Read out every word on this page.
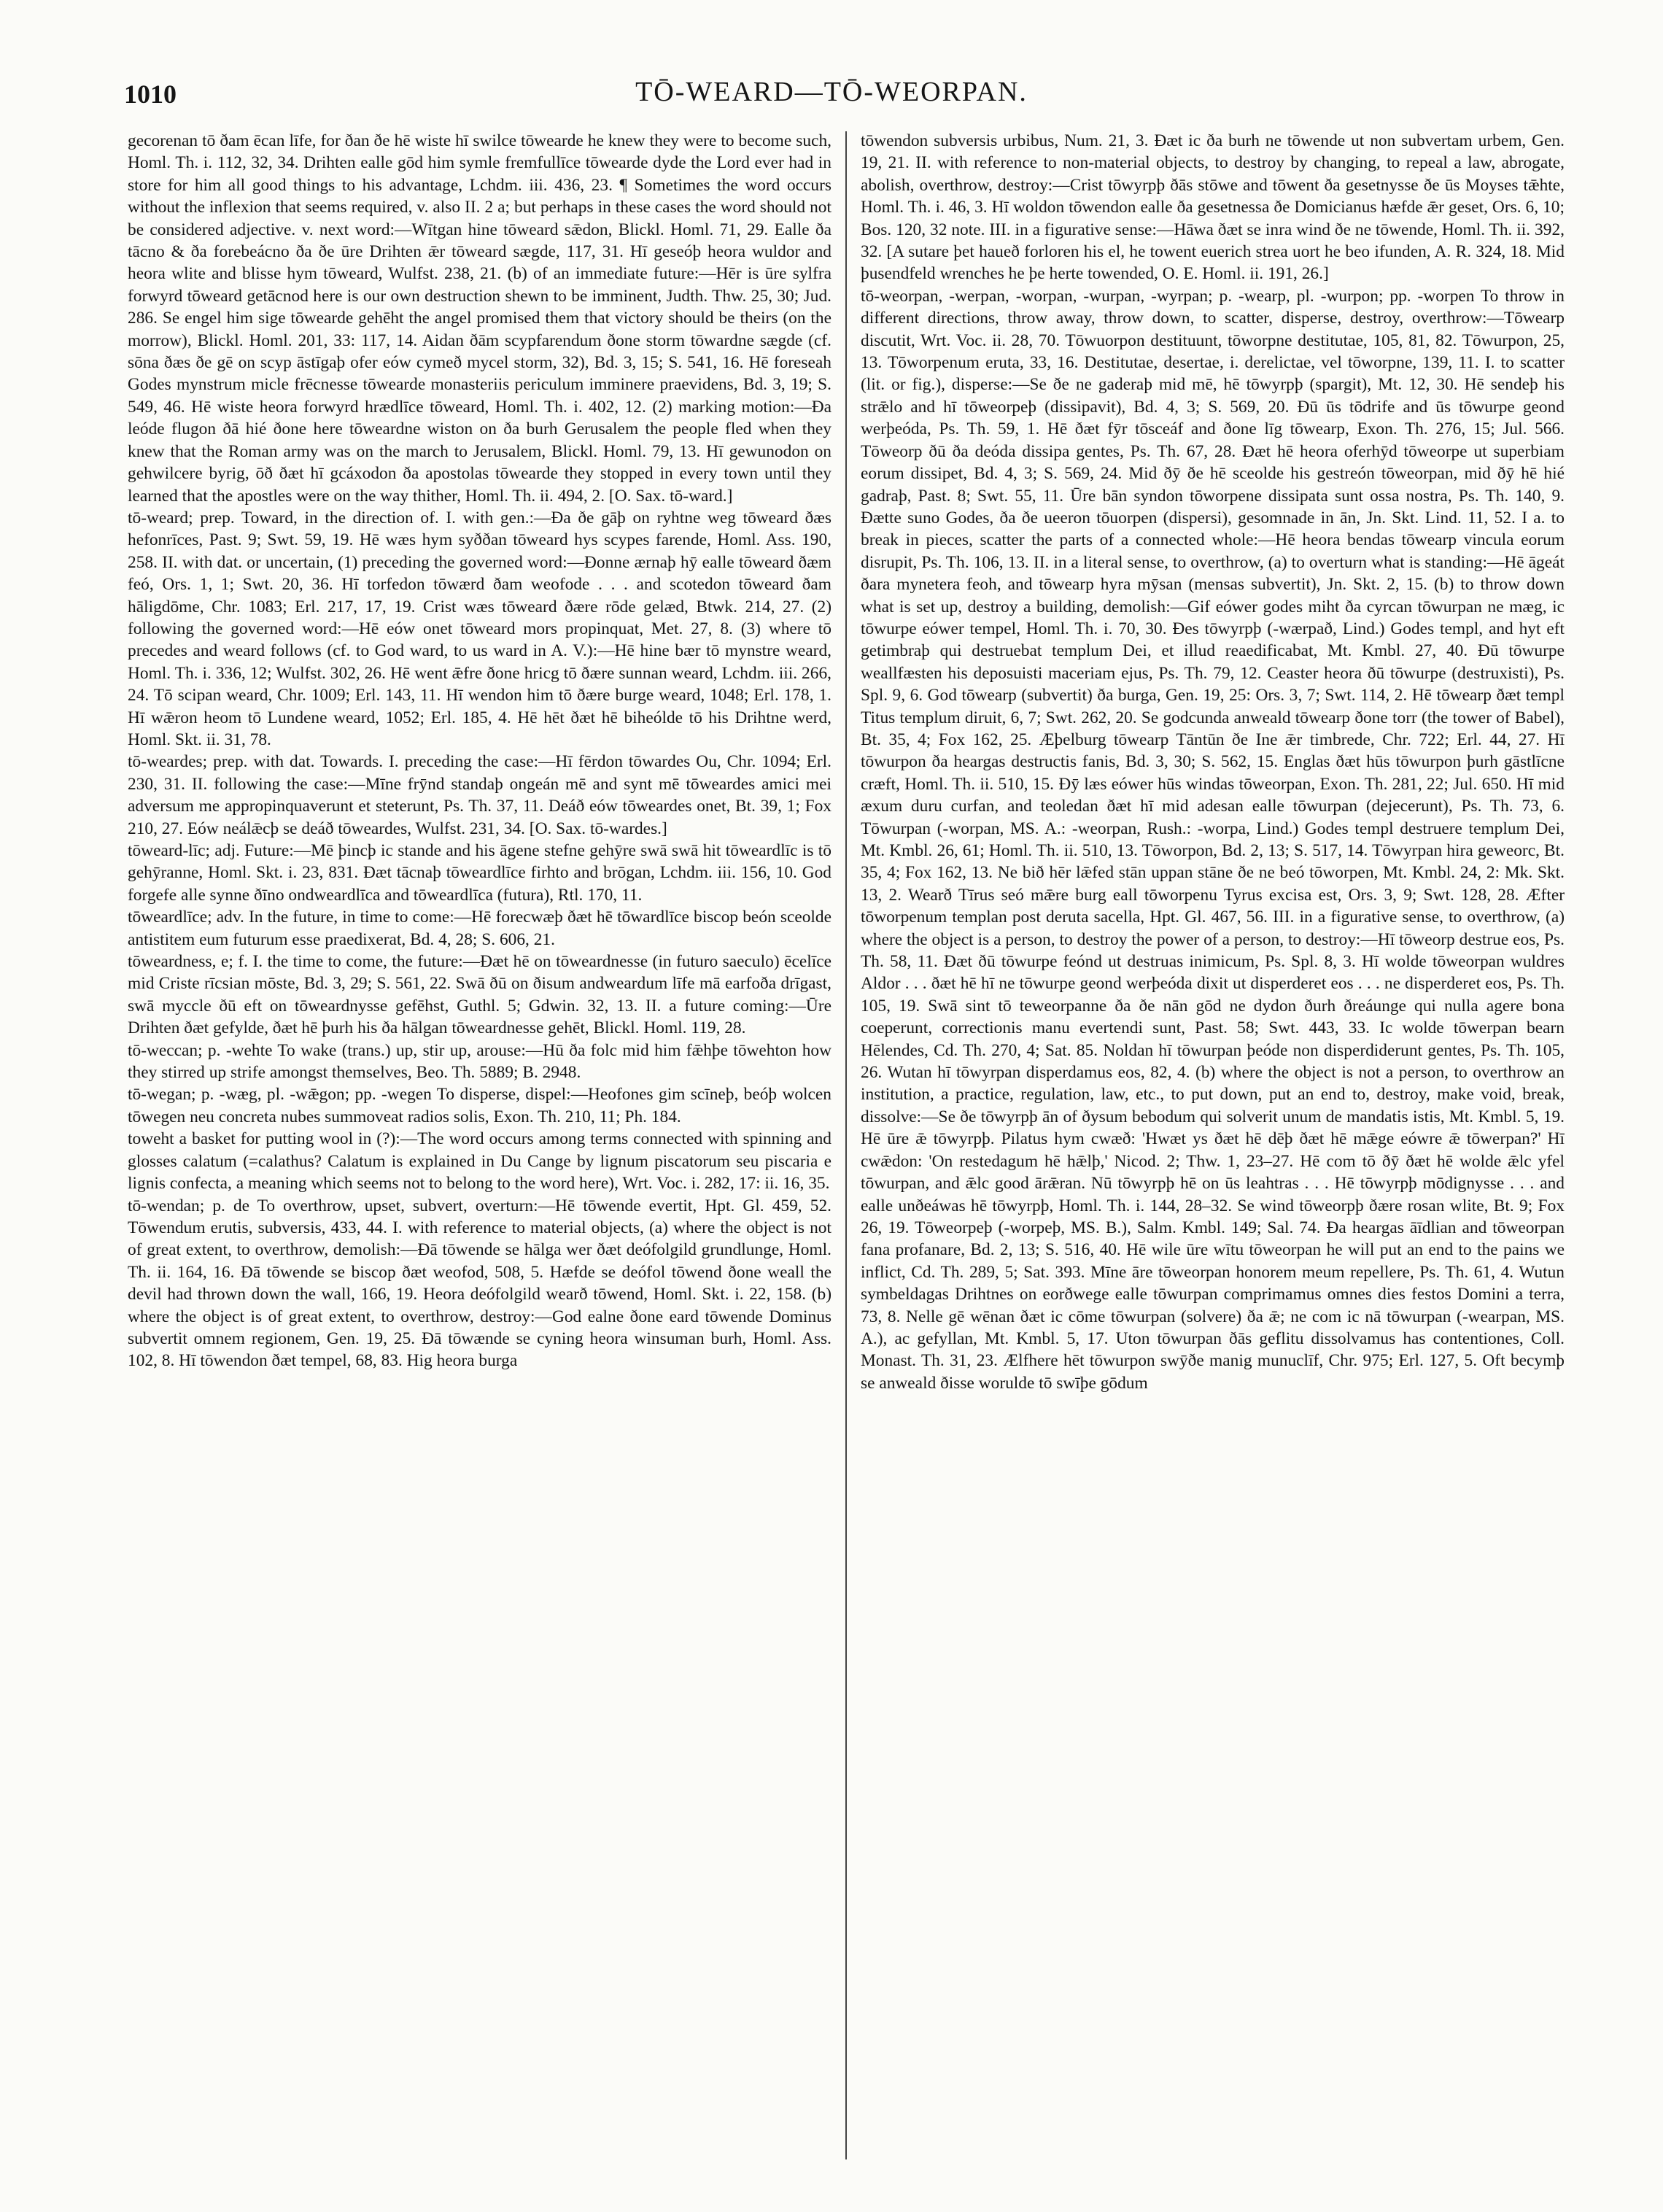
1010	TŌ-WEARD—TŌ-WEORPAN.

gecorenan tō ðam ēcan līfe, for ðan ðe hē wiste hī swilce tōwearde he knew they were to become such, Homl. Th. i. 112, 32, 34. Drihten ealle gōd him symle fremfullīce tōwearde dyde the Lord ever had in store for him all good things to his advantage, Lchdm. iii. 436, 23. ¶ Sometimes the word occurs without the inflexion that seems required, v. also II. 2 a; but perhaps in these cases the word should not be considered adjective. v. next word:—Wītgan hine tōweard sǣdon, Blickl. Homl. 71, 29. Ealle ða tācno & ða forebeácno ða ðe ūre Drihten ǣr tōweard sægde, 117, 31. Hī geseóþ heora wuldor and heora wlite and blisse hym tōweard, Wulfst. 238, 21. (b) of an immediate future:—Hēr is ūre sylfra forwyrd tōweard getācnod here is our own destruction shewn to be imminent, Judth. Thw. 25, 30; Jud. 286. Se engel him sige tōwearde gehēht the angel promised them that victory should be theirs (on the morrow), Blickl. Homl. 201, 33: 117, 14. Aidan ðām scypfarendum ðone storm tōwardne sægde (cf. sōna ðæs ðe gē on scyp āstīgaþ ofer eów cymeð mycel storm, 32), Bd. 3, 15; S. 541, 16. Hē foreseah Godes mynstrum micle frēcnesse tōwearde monasteriis periculum imminere praevidens, Bd. 3, 19; S. 549, 46. Hē wiste heora forwyrd hrædlīce tōweard, Homl. Th. i. 402, 12. (2) marking motion:—Ða leóde flugon ðā hié ðone here tōweardne wiston on ða burh Gerusalem the people fled when they knew that the Roman army was on the march to Jerusalem, Blickl. Homl. 79, 13. Hī gewunodon on gehwilcere byrig, ōð ðæt hī gcáxodon ða apostolas tōwearde they stopped in every town until they learned that the apostles were on the way thither, Homl. Th. ii. 494, 2. [O. Sax. tō-ward.]

tō-weard; prep. Toward, in the direction of. I. with gen.:—Ða ðe gāþ on ryhtne weg tōweard ðæs hefonrīces, Past. 9; Swt. 59, 19. Hē wæs hym syððan tōweard hys scypes farende, Homl. Ass. 190, 258. II. with dat. or uncertain, (1) preceding the governed word:—Ðonne ærnaþ hȳ ealle tōweard ðæm feó, Ors. 1, 1; Swt. 20, 36. Hī torfedon tōwærd ðam weofode . . . and scotedon tōweard ðam hāligdōme, Chr. 1083; Erl. 217, 17, 19. Crist wæs tōweard ðære rōde gelæd, Btwk. 214, 27. (2) following the governed word:—Hē eów onet tōweard mors propinquat, Met. 27, 8. (3) where tō precedes and weard follows (cf. to God ward, to us ward in A. V.):—Hē hine bær tō mynstre weard, Homl. Th. i. 336, 12; Wulfst. 302, 26. Hē went ǣfre ðone hricg tō ðære sunnan weard, Lchdm. iii. 266, 24. Tō scipan weard, Chr. 1009; Erl. 143, 11. Hī wendon him tō ðære burge weard, 1048; Erl. 178, 1. Hī wǣron heom tō Lundene weard, 1052; Erl. 185, 4. Hē hēt ðæt hē biheólde tō his Drihtne werd, Homl. Skt. ii. 31, 78.

tō-weardes; prep. with dat. Towards. I. preceding the case:—Hī fērdon tōwardes Ou, Chr. 1094; Erl. 230, 31. II. following the case:—Mīne frȳnd standaþ ongeán mē and synt mē tōweardes amici mei adversum me appropinquaverunt et steterunt, Ps. Th. 37, 11. Deáð eów tōweardes onet, Bt. 39, 1; Fox 210, 27. Eów neálǣcþ se deáð tōweardes, Wulfst. 231, 34. [O. Sax. tō-wardes.]

tōweard-līc; adj. Future:—Mē þincþ ic stande and his āgene stefne gehȳre swā swā hit tōweardlīc is tō gehȳranne, Homl. Skt. i. 23, 831. Ðæt tācnaþ tōweardlīce firhto and brōgan, Lchdm. iii. 156, 10. God forgefe alle synne ðīno ondweardlīca and tōweardlīca (futura), Rtl. 170, 11.

tōweardlīce; adv. In the future, in time to come:—Hē forecwæþ ðæt hē tōwardlīce biscop beón sceolde antistitem eum futurum esse praedixerat, Bd. 4, 28; S. 606, 21.

tōweardness, e; f. I. the time to come, the future:—Ðæt hē on tōweardnesse (in futuro saeculo) ēcelīce mid Criste rīcsian mōste, Bd. 3, 29; S. 561, 22. Swā ðū on ðisum andweardum līfe mā earfoða drīgast, swā myccle ðū eft on tōweardnysse gefēhst, Guthl. 5; Gdwin. 32, 13. II. a future coming:—Ūre Drihten ðæt gefylde, ðæt hē þurh his ða hālgan tōweardnesse gehēt, Blickl. Homl. 119, 28.

tō-weccan; p. -wehte To wake (trans.) up, stir up, arouse:—Hū ða folc mid him fǣhþe tōwehton how they stirred up strife amongst themselves, Beo. Th. 5889; B. 2948.

tō-wegan; p. -wæg, pl. -wǣgon; pp. -wegen To disperse, dispel:—Heofones gim scīneþ, beóþ wolcen tōwegen neu concreta nubes summoveat radios solis, Exon. Th. 210, 11; Ph. 184.

toweht a basket for putting wool in (?):—The word occurs among terms connected with spinning and glosses calatum (=calathus? Calatum is explained in Du Cange by lignum piscatorum seu piscaria e lignis confecta, a meaning which seems not to belong to the word here), Wrt. Voc. i. 282, 17: ii. 16, 35.

tō-wendan; p. de To overthrow, upset, subvert, overturn:—Hē tōwende evertit, Hpt. Gl. 459, 52. Tōwendum erutis, subversis, 433, 44. I. with reference to material objects, (a) where the object is not of great extent, to overthrow, demolish:—Ðā tōwende se hālga wer ðæt deófolgild grundlunge, Homl. Th. ii. 164, 16. Ðā tōwende se biscop ðæt weofod, 508, 5. Hæfde se deófol tōwend ðone weall the devil had thrown down the wall, 166, 19. Heora deófolgild wearð tōwend, Homl. Skt. i. 22, 158. (b) where the object is of great extent, to overthrow, destroy:—God ealne ðone eard tōwende Dominus subvertit omnem regionem, Gen. 19, 25. Ðā tōwænde se cyning heora winsuman burh, Homl. Ass. 102, 8. Hī tōwendon ðæt tempel, 68, 83. Hig heora burga

tōwendon subversis urbibus, Num. 21, 3. Ðæt ic ða burh ne tōwende ut non subvertam urbem, Gen. 19, 21. II. with reference to non-material objects, to destroy by changing, to repeal a law, abrogate, abolish, overthrow, destroy:—Crist tōwyrpþ ðās stōwe and tōwent ða gesetnysse ðe ūs Moyses tǣhte, Homl. Th. i. 46, 3. Hī woldon tōwendon ealle ða gesetnessa ðe Domicianus hæfde ǣr geset, Ors. 6, 10; Bos. 120, 32 note. III. in a figurative sense:—Hāwa ðæt se inra wind ðe ne tōwende, Homl. Th. ii. 392, 32. [A sutare þet haueð forloren his el, he towent euerich strea uort he beo ifunden, A. R. 324, 18. Mid þusendfeld wrenches he þe herte towended, O. E. Homl. ii. 191, 26.]

tō-weorpan, -werpan, -worpan, -wurpan, -wyrpan; p. -wearp, pl. -wurpon; pp. -worpen To throw in different directions, throw away, throw down, to scatter, disperse, destroy, overthrow:—Tōwearp discutit, Wrt. Voc. ii. 28, 70. Tōwuorpon destituunt, tōworpne destitutae, 105, 81, 82. Tōwurpon, 25, 13. Tōworpenum eruta, 33, 16. Destitutae, desertae, i. derelictae, vel tōworpne, 139, 11. I. to scatter (lit. or fig.), disperse:—Se ðe ne gaderaþ mid mē, hē tōwyrpþ (spargit), Mt. 12, 30. Hē sendeþ his strǣlo and hī tōweorpeþ (dissipavit), Bd. 4, 3; S. 569, 20. Ðū ūs tōdrife and ūs tōwurpe geond werþeóda, Ps. Th. 59, 1. Hē ðæt fȳr tōsceáf and ðone līg tōwearp, Exon. Th. 276, 15; Jul. 566. Tōweorp ðū ða deóda dissipa gentes, Ps. Th. 67, 28. Ðæt hē heora oferhȳd tōweorpe ut superbiam eorum dissipet, Bd. 4, 3; S. 569, 24. Mid ðȳ ðe hē sceolde his gestreón tōweorpan, mid ðȳ hē hié gadraþ, Past. 8; Swt. 55, 11. Ūre bān syndon tōworpene dissipata sunt ossa nostra, Ps. Th. 140, 9. Ðætte suno Godes, ða ðe ueeron tōuorpen (dispersi), gesomnade in ān, Jn. Skt. Lind. 11, 52. I a. to break in pieces, scatter the parts of a connected whole:—Hē heora bendas tōwearp vincula eorum disrupit, Ps. Th. 106, 13. II. in a literal sense, to overthrow, (a) to overturn what is standing:—Hē āgeát ðara mynetera feoh, and tōwearp hyra mȳsan (mensas subvertit), Jn. Skt. 2, 15. (b) to throw down what is set up, destroy a building, demolish:—Gif eówer godes miht ða cyrcan tōwurpan ne mæg, ic tōwurpe eówer tempel, Homl. Th. i. 70, 30. Ðes tōwyrpþ (-wærpað, Lind.) Godes templ, and hyt eft getimbraþ qui destruebat templum Dei, et illud reaedificabat, Mt. Kmbl. 27, 40. Ðū tōwurpe weallfæsten his deposuisti maceriam ejus, Ps. Th. 79, 12. Ceaster heora ðū tōwurpe (destruxisti), Ps. Spl. 9, 6. God tōwearp (subvertit) ða burga, Gen. 19, 25: Ors. 3, 7; Swt. 114, 2. Hē tōwearp ðæt templ Titus templum diruit, 6, 7; Swt. 262, 20. Se godcunda anweald tōwearp ðone torr (the tower of Babel), Bt. 35, 4; Fox 162, 25. Æþelburg tōwearp Tāntūn ðe Ine ǣr timbrede, Chr. 722; Erl. 44, 27. Hī tōwurpon ða heargas destructis fanis, Bd. 3, 30; S. 562, 15. Englas ðæt hūs tōwurpon þurh gāstlīcne cræft, Homl. Th. ii. 510, 15. Ðȳ læs eówer hūs windas tōweorpan, Exon. Th. 281, 22; Jul. 650. Hī mid æxum duru curfan, and teoledan ðæt hī mid adesan ealle tōwurpan (dejecerunt), Ps. Th. 73, 6. Tōwurpan (-worpan, MS. A.: -weorpan, Rush.: -worpa, Lind.) Godes templ destruere templum Dei, Mt. Kmbl. 26, 61; Homl. Th. ii. 510, 13. Tōworpon, Bd. 2, 13; S. 517, 14. Tōwyrpan hira geweorc, Bt. 35, 4; Fox 162, 13. Ne bið hēr lǣfed stān uppan stāne ðe ne beó tōworpen, Mt. Kmbl. 24, 2: Mk. Skt. 13, 2. Wearð Tīrus seó mǣre burg eall tōworpenu Tyrus excisa est, Ors. 3, 9; Swt. 128, 28. Æfter tōworpenum templan post deruta sacella, Hpt. Gl. 467, 56. III. in a figurative sense, to overthrow, (a) where the object is a person, to destroy the power of a person, to destroy:—Hī tōweorp destrue eos, Ps. Th. 58, 11. Ðæt ðū tōwurpe feónd ut destruas inimicum, Ps. Spl. 8, 3. Hī wolde tōweorpan wuldres Aldor . . . ðæt hē hī ne tōwurpe geond werþeóda dixit ut disperderet eos . . . ne disperderet eos, Ps. Th. 105, 19. Swā sint tō teweorpanne ða ðe nān gōd ne dydon ðurh ðreáunge qui nulla agere bona coeperunt, correctionis manu evertendi sunt, Past. 58; Swt. 443, 33. Ic wolde tōwerpan bearn Hēlendes, Cd. Th. 270, 4; Sat. 85. Noldan hī tōwurpan þeóde non disperdiderunt gentes, Ps. Th. 105, 26. Wutan hī tōwyrpan disperdamus eos, 82, 4. (b) where the object is not a person, to overthrow an institution, a practice, regulation, law, etc., to put down, put an end to, destroy, make void, break, dissolve:—Se ðe tōwyrpþ ān of ðysum bebodum qui solverit unum de mandatis istis, Mt. Kmbl. 5, 19. Hē ūre ǣ tōwyrpþ. Pilatus hym cwæð: 'Hwæt ys ðæt hē dēþ ðæt hē mǣge eówre ǣ tōwerpan?' Hī cwǣdon: 'On restedagum hē hǣlþ,' Nicod. 2; Thw. 1, 23–27. Hē com tō ðȳ ðæt hē wolde ǣlc yfel tōwurpan, and ǣlc good ārǣran. Nū tōwyrpþ hē on ūs leahtras . . . Hē tōwyrpþ mōdignysse . . . and ealle unðeáwas hē tōwyrpþ, Homl. Th. i. 144, 28–32. Se wind tōweorpþ ðære rosan wlite, Bt. 9; Fox 26, 19. Tōweorpeþ (-worpeþ, MS. B.), Salm. Kmbl. 149; Sal. 74. Ða heargas āīdlian and tōweorpan fana profanare, Bd. 2, 13; S. 516, 40. Hē wile ūre wītu tōweorpan he will put an end to the pains we inflict, Cd. Th. 289, 5; Sat. 393. Mīne āre tōweorpan honorem meum repellere, Ps. Th. 61, 4. Wutun symbeldagas Drihtnes on eorðwege ealle tōwurpan comprimamus omnes dies festos Domini a terra, 73, 8. Nelle gē wēnan ðæt ic cōme tōwurpan (solvere) ða ǣ; ne com ic nā tōwurpan (-wearpan, MS. A.), ac gefyllan, Mt. Kmbl. 5, 17. Uton tōwurpan ðās geflitu dissolvamus has contentiones, Coll. Monast. Th. 31, 23. Ælfhere hēt tōwurpon swȳðe manig munuclīf, Chr. 975; Erl. 127, 5. Oft becymþ se anweald ðisse worulde tō swīþe gōdum
